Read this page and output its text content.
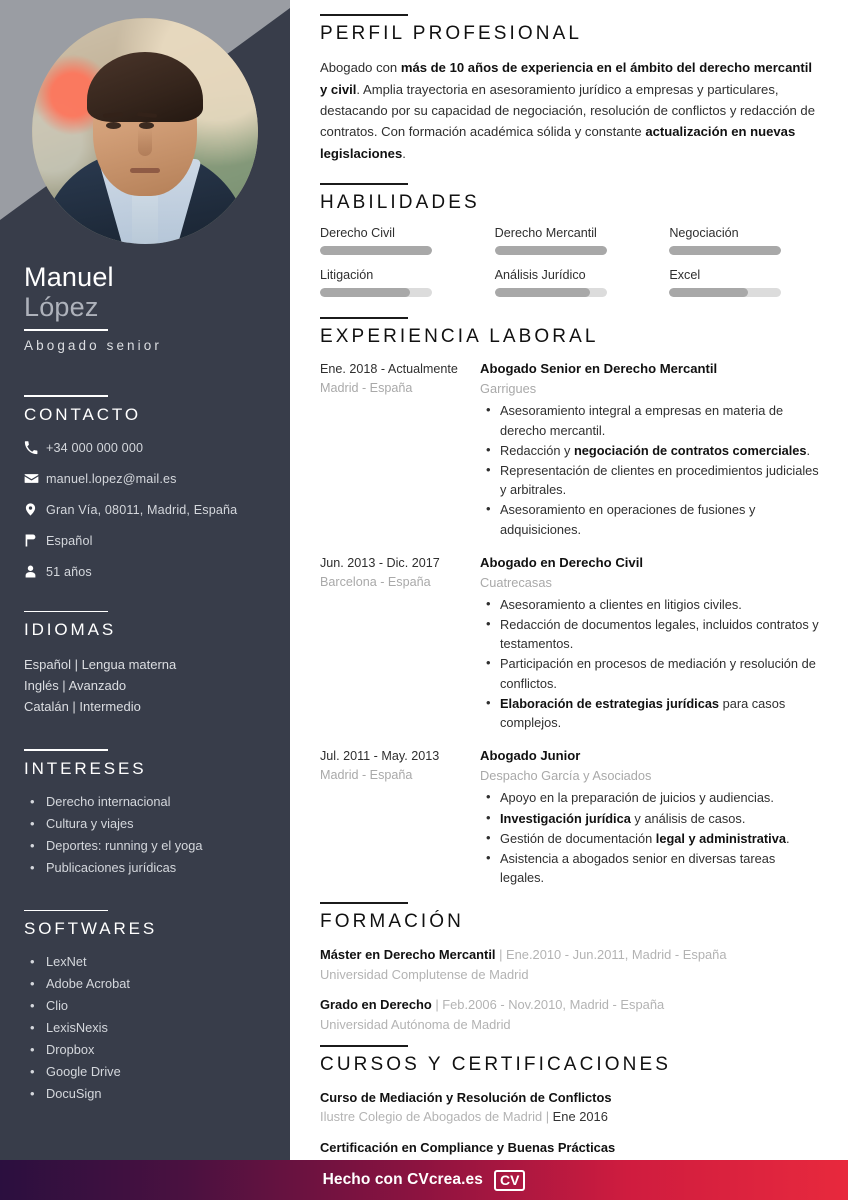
Manuel
López
Abogado senior
CONTACTO
+34 000 000 000
manuel.lopez@mail.es
Gran Vía, 08011, Madrid, España
Español
51 años
IDIOMAS
Español | Lengua materna
Inglés | Avanzado
Catalán | Intermedio
INTERESES
• Derecho internacional
• Cultura y viajes
• Deportes: running y el yoga
• Publicaciones jurídicas
SOFTWARES
• LexNet
• Adobe Acrobat
• Clio
• LexisNexis
• Dropbox
• Google Drive
• DocuSign
PERFIL PROFESIONAL

Abogado con más de 10 años de experiencia en el ámbito del derecho mercantil y civil. Amplia trayectoria en asesoramiento jurídico a empresas y particulares, destacando por su capacidad de negociación, resolución de conflictos y redacción de contratos. Con formación académica sólida y constante actualización en nuevas legislaciones.

HABILIDADES
Derecho Civil	Derecho Mercantil	Negociación
Litigación	Análisis Jurídico	Excel
EXPERIENCIA LABORAL
Ene. 2018 - Actualmente
Madrid - España
Abogado Senior en Derecho Mercantil
Garrigues
• Asesoramiento integral a empresas en materia de derecho mercantil.
• Redacción y negociación de contratos comerciales.
• Representación de clientes en procedimientos judiciales y arbitrales.
• Asesoramiento en operaciones de fusiones y adquisiciones.
Jun. 2013 - Dic. 2017
Barcelona - España
Abogado en Derecho Civil
Cuatrecasas
• Asesoramiento a clientes en litigios civiles.
• Redacción de documentos legales, incluidos contratos y testamentos.
• Participación en procesos de mediación y resolución de conflictos.
• Elaboración de estrategias jurídicas para casos complejos.
Jul. 2011 - May. 2013
Madrid - España
Abogado Junior
Despacho García y Asociados
• Apoyo en la preparación de juicios y audiencias.
• Investigación jurídica y análisis de casos.
• Gestión de documentación legal y administrativa.
• Asistencia a abogados senior en diversas tareas legales.
FORMACIÓN
Máster en Derecho Mercantil | Ene.2010 - Jun.2011, Madrid - España
Universidad Complutense de Madrid
Grado en Derecho | Feb.2006 - Nov.2010, Madrid - España
Universidad Autónoma de Madrid
CURSOS Y CERTIFICACIONES
Curso de Mediación y Resolución de Conflictos
Ilustre Colegio de Abogados de Madrid | Ene 2016
Certificación en Compliance y Buenas Prácticas
Hecho con CVcrea.es	CV
